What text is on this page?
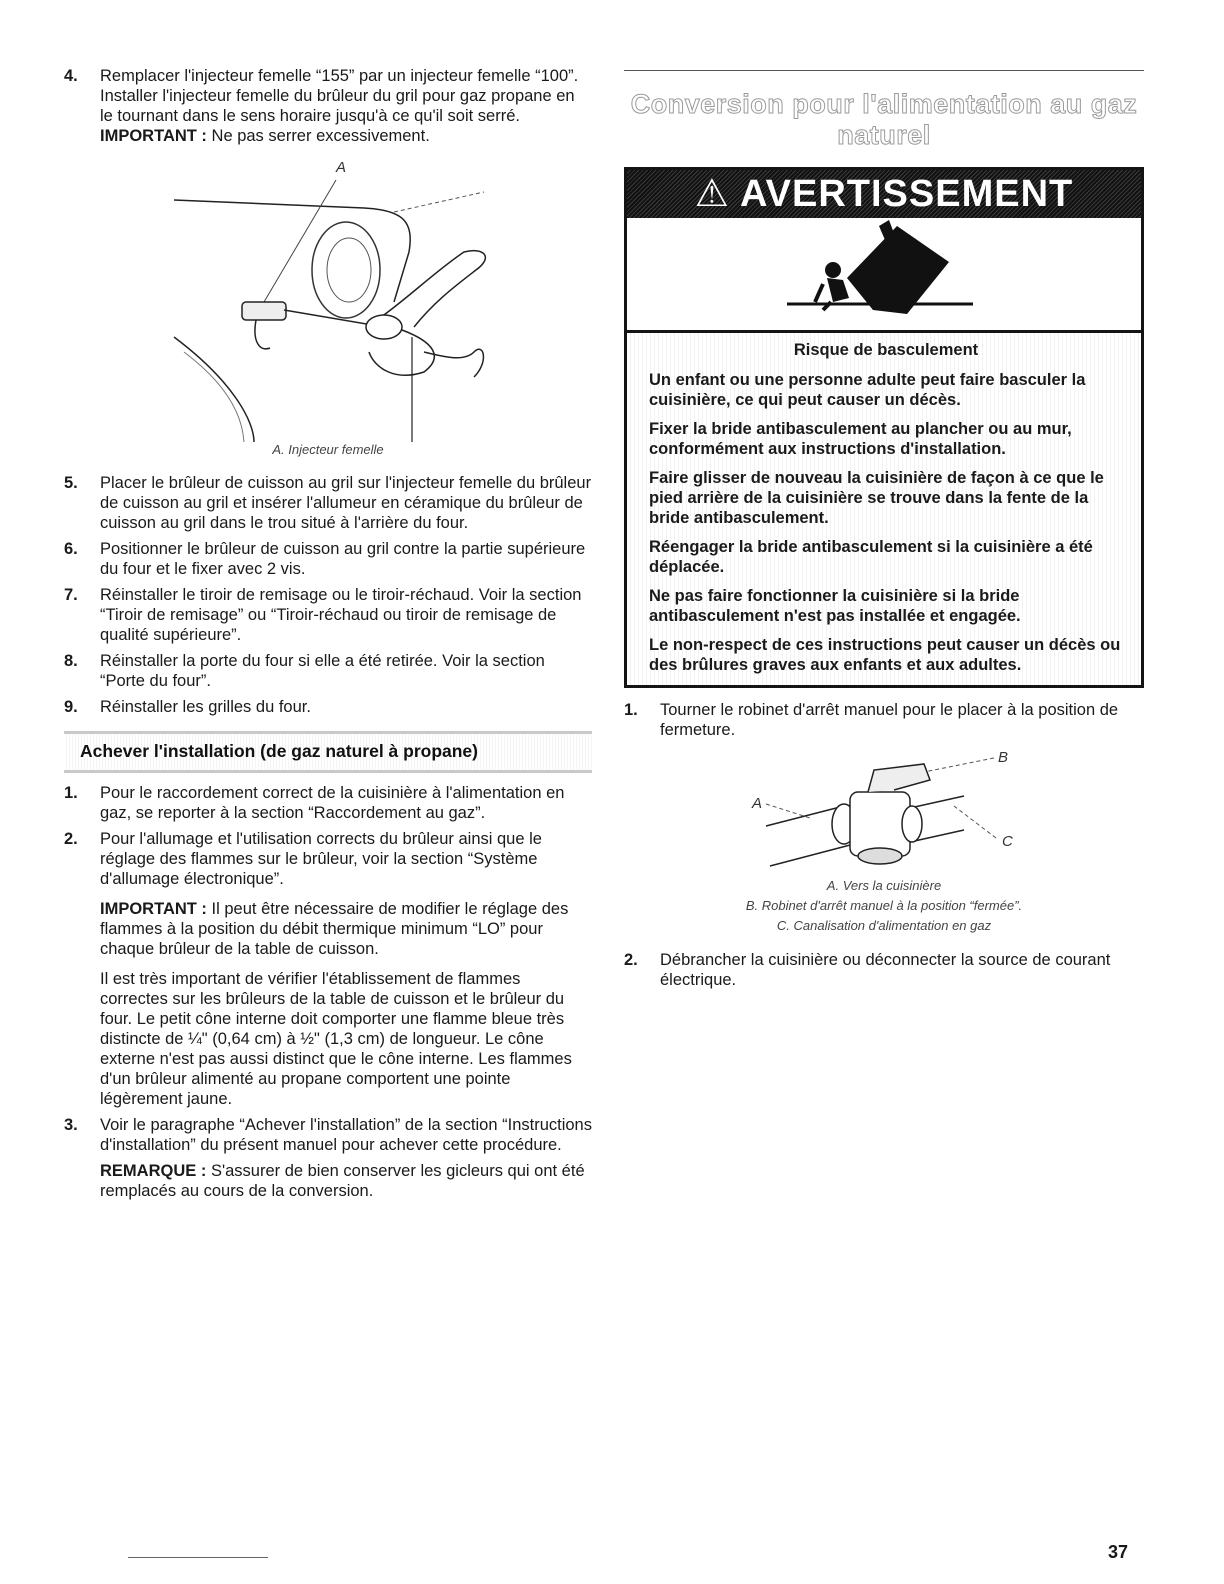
4.	Remplacer l'injecteur femelle “155” par un injecteur femelle “100”. Installer l'injecteur femelle du brûleur du gril pour gaz propane en le tournant dans le sens horaire jusqu'à ce qu'il soit serré.

IMPORTANT : Ne pas serrer excessivement.

A

A. Injecteur femelle

5.	Placer le brûleur de cuisson au gril sur l'injecteur femelle du brûleur de cuisson au gril et insérer l'allumeur en céramique du brûleur de cuisson au gril dans le trou situé à l'arrière du four.

6.	Positionner le brûleur de cuisson au gril contre la partie supérieure du four et le fixer avec 2 vis.

7.	Réinstaller le tiroir de remisage ou le tiroir-réchaud. Voir la section “Tiroir de remisage” ou “Tiroir-réchaud ou tiroir de remisage de qualité supérieure”.

8.	Réinstaller la porte du four si elle a été retirée. Voir la section “Porte du four”.

9.	Réinstaller les grilles du four.

Achever l'installation (de gaz naturel à propane)
1.	Pour le raccordement correct de la cuisinière à l'alimentation en gaz, se reporter à la section “Raccordement au gaz”.

2.	Pour l'allumage et l'utilisation corrects du brûleur ainsi que le réglage des flammes sur le brûleur, voir la section “Système d'allumage électronique”.

IMPORTANT : Il peut être nécessaire de modifier le réglage des flammes à la position du débit thermique minimum “LO” pour chaque brûleur de la table de cuisson.

Il est très important de vérifier l'établissement de flammes correctes sur les brûleurs de la table de cuisson et le brûleur du four. Le petit cône interne doit comporter une flamme bleue très distincte de ¼" (0,64 cm) à ½" (1,3 cm) de longueur. Le cône externe n'est pas aussi distinct que le cône interne. Les flammes d'un brûleur alimenté au propane comportent une pointe légèrement jaune.

3.	Voir le paragraphe “Achever l'installation” de la section “Instructions d'installation” du présent manuel pour achever cette procédure.

REMARQUE : S'assurer de bien conserver les gicleurs qui ont été remplacés au cours de la conversion.

Conversion pour l'alimentation au gaz naturel
⚠ AVERTISSEMENT
Risque de basculement

Un enfant ou une personne adulte peut faire basculer la cuisinière, ce qui peut causer un décès.

Fixer la bride antibasculement au plancher ou au mur, conformément aux instructions d'installation.

Faire glisser de nouveau la cuisinière de façon à ce que le pied arrière de la cuisinière se trouve dans la fente de la bride antibasculement.

Réengager la bride antibasculement si la cuisinière a été déplacée.

Ne pas faire fonctionner la cuisinière si la bride antibasculement n'est pas installée et engagée.

Le non-respect de ces instructions peut causer un décès ou des brûlures graves aux enfants et aux adultes.

1.	Tourner le robinet d'arrêt manuel pour le placer à la position de fermeture.

B
A
C

A. Vers la cuisinière
B. Robinet d'arrêt manuel à la position “fermée”.
C. Canalisation d'alimentation en gaz

2.	Débrancher la cuisinière ou déconnecter la source de courant électrique.

37
